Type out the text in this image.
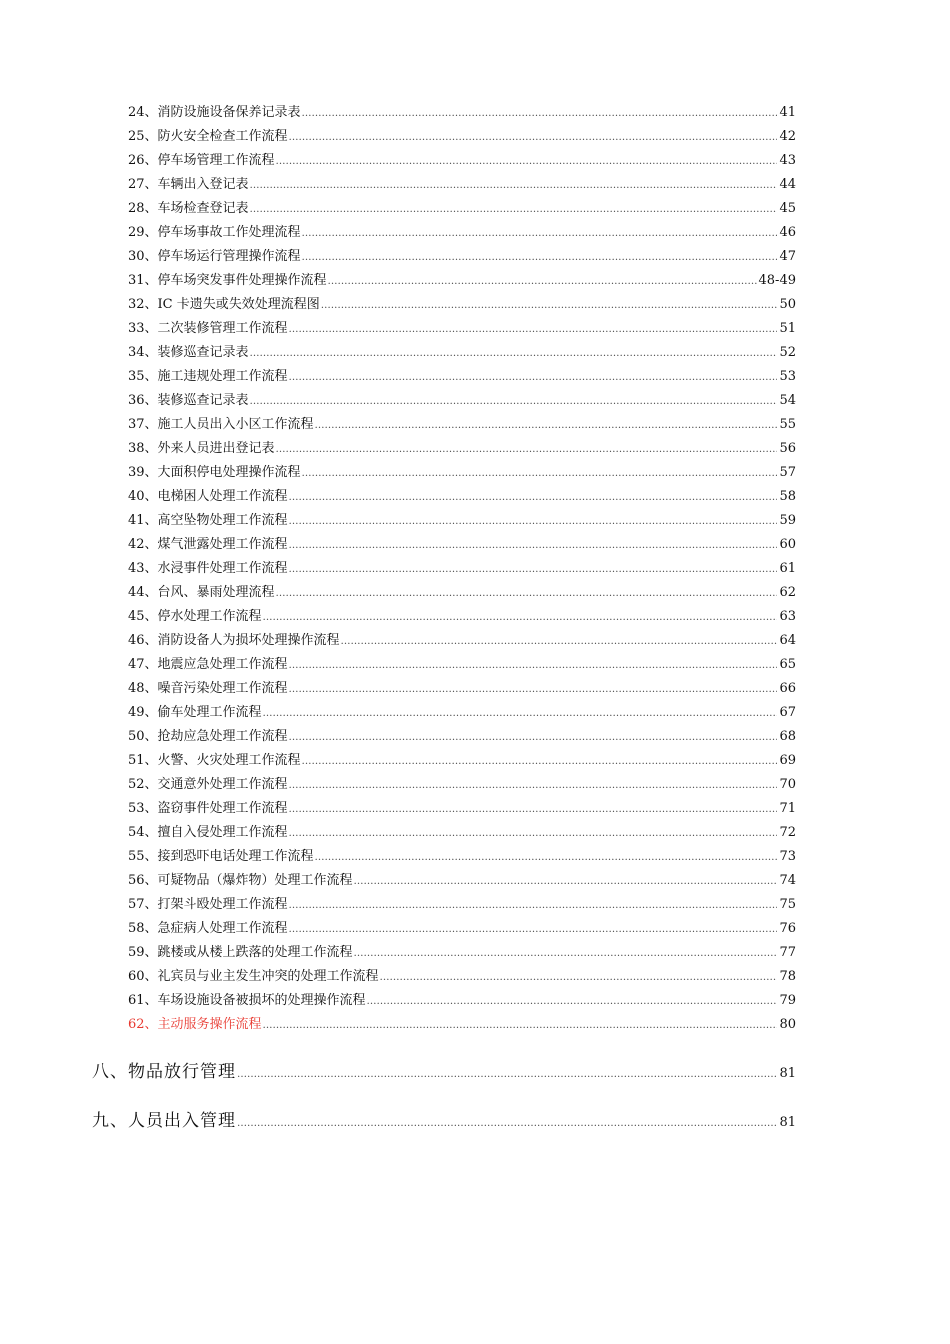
24、消防设施设备保养记录表 …………………………………………………………………………………………………………………………………………………………………………………………………………………………………………………………	41
25、防火安全检查工作流程 …………………………………………………………………………………………………………………………………………………………………………………………………………………………………………………………	42
26、停车场管理工作流程 …………………………………………………………………………………………………………………………………………………………………………………………………………………………………………………………	43
27、车辆出入登记表 …………………………………………………………………………………………………………………………………………………………………………………………………………………………………………………………	44
28、车场检查登记表 …………………………………………………………………………………………………………………………………………………………………………………………………………………………………………………………	45
29、停车场事故工作处理流程 …………………………………………………………………………………………………………………………………………………………………………………………………………………………………………………………	46
30、停车场运行管理操作流程 …………………………………………………………………………………………………………………………………………………………………………………………………………………………………………………………	47
31、停车场突发事件处理操作流程 …………………………………………………………………………………………………………………………………………………………………………………………………………………………………………………………	48-49
32、IC 卡遗失或失效处理流程图 …………………………………………………………………………………………………………………………………………………………………………………………………………………………………………………………	50
33、二次装修管理工作流程 …………………………………………………………………………………………………………………………………………………………………………………………………………………………………………………………	51
34、装修巡查记录表 …………………………………………………………………………………………………………………………………………………………………………………………………………………………………………………………	52
35、施工违规处理工作流程 …………………………………………………………………………………………………………………………………………………………………………………………………………………………………………………………	53
36、装修巡查记录表 …………………………………………………………………………………………………………………………………………………………………………………………………………………………………………………………	54
37、施工人员出入小区工作流程 …………………………………………………………………………………………………………………………………………………………………………………………………………………………………………………………	55
38、外来人员进出登记表 …………………………………………………………………………………………………………………………………………………………………………………………………………………………………………………………	56
39、大面积停电处理操作流程 …………………………………………………………………………………………………………………………………………………………………………………………………………………………………………………………	57
40、电梯困人处理工作流程 …………………………………………………………………………………………………………………………………………………………………………………………………………………………………………………………	58
41、高空坠物处理工作流程 …………………………………………………………………………………………………………………………………………………………………………………………………………………………………………………………	59
42、煤气泄露处理工作流程 …………………………………………………………………………………………………………………………………………………………………………………………………………………………………………………………	60
43、水浸事件处理工作流程 …………………………………………………………………………………………………………………………………………………………………………………………………………………………………………………………	61
44、台风、暴雨处理流程 …………………………………………………………………………………………………………………………………………………………………………………………………………………………………………………………	62
45、停水处理工作流程 …………………………………………………………………………………………………………………………………………………………………………………………………………………………………………………………	63
46、消防设备人为损坏处理操作流程 …………………………………………………………………………………………………………………………………………………………………………………………………………………………………………………………	64
47、地震应急处理工作流程 …………………………………………………………………………………………………………………………………………………………………………………………………………………………………………………………	65
48、噪音污染处理工作流程 …………………………………………………………………………………………………………………………………………………………………………………………………………………………………………………………	66
49、偷车处理工作流程 …………………………………………………………………………………………………………………………………………………………………………………………………………………………………………………………	67
50、抢劫应急处理工作流程 …………………………………………………………………………………………………………………………………………………………………………………………………………………………………………………………	68
51、火警、火灾处理工作流程 …………………………………………………………………………………………………………………………………………………………………………………………………………………………………………………………	69
52、交通意外处理工作流程 …………………………………………………………………………………………………………………………………………………………………………………………………………………………………………………………	70
53、盗窃事件处理工作流程 …………………………………………………………………………………………………………………………………………………………………………………………………………………………………………………………	71
54、擅自入侵处理工作流程 …………………………………………………………………………………………………………………………………………………………………………………………………………………………………………………………	72
55、接到恐吓电话处理工作流程 …………………………………………………………………………………………………………………………………………………………………………………………………………………………………………………………	73
56、可疑物品（爆炸物）处理工作流程 …………………………………………………………………………………………………………………………………………………………………………………………………………………………………………………………	74
57、打架斗殴处理工作流程 …………………………………………………………………………………………………………………………………………………………………………………………………………………………………………………………	75
58、急症病人处理工作流程 …………………………………………………………………………………………………………………………………………………………………………………………………………………………………………………………	76
59、跳楼或从楼上跌落的处理工作流程 …………………………………………………………………………………………………………………………………………………………………………………………………………………………………………………………	77
60、礼宾员与业主发生冲突的处理工作流程 …………………………………………………………………………………………………………………………………………………………………………………………………………………………………………………………	78
61、车场设施设备被损坏的处理操作流程 …………………………………………………………………………………………………………………………………………………………………………………………………………………………………………………………	79
62、主动服务操作流程 …………………………………………………………………………………………………………………………………………………………………………………………………………………………………………………………	80
八、物品放行管理 …………………………………………………………………………………………………………………………………………………………………………………………………………………………………………………………	81
九、人员出入管理 …………………………………………………………………………………………………………………………………………………………………………………………………………………………………………………………	81
